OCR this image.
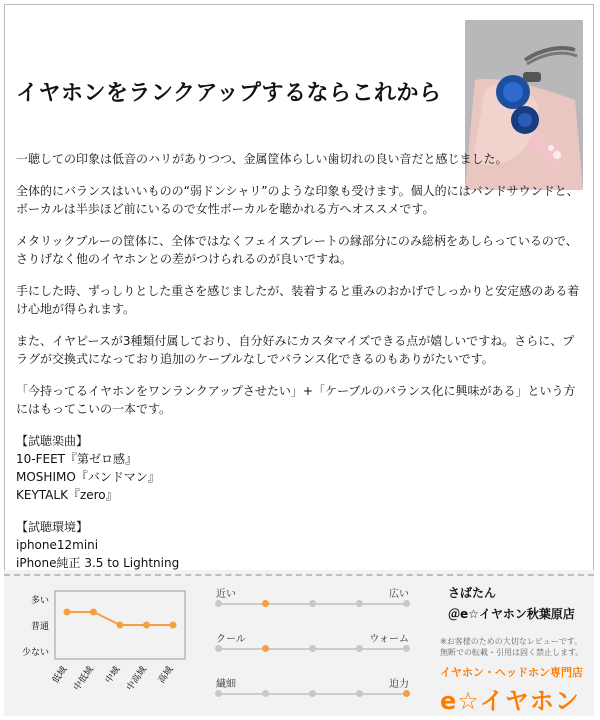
イヤホンをランクアップするならこれから

一聴しての印象は低音のハリがありつつ、金属筐体らしい歯切れの良い音だと感じました。

全体的にバランスはいいものの“弱ドンシャリ”のような印象も受けます。個人的にはバンドサウンドと、ボーカルは半歩ほど前にいるので女性ボーカルを聴かれる方へオススメです。

メタリックブルーの筐体に、全体ではなくフェイスプレートの縁部分にのみ総柄をあしらっているので、さりげなく他のイヤホンとの差がつけられるのが良いですね。

手にした時、ずっしりとした重さを感じましたが、装着すると重みのおかげでしっかりと安定感のある着け心地が得られます。

また、イヤピースが3種類付属しており、自分好みにカスタマイズできる点が嬉しいですね。さらに、プラグが交換式になっており追加のケーブルなしでバランス化できるのもありがたいです。

「今持ってるイヤホンをワンランクアップさせたい」+「ケーブルのバランス化に興味がある」という方にはもってこいの一本です。

【試聴楽曲】
10-FEET『第ゼロ感』
MOSHIMO『バンドマン』
KEYTALK『zero』
【試聴環境】
iphone12mini
iPhone純正 3.5 to Lightning
少ない
普通
多い
低域 中低域 中域 中高域 高域
近い	広い
クール	ウォーム
繊細	迫力
さばたん
＠e☆イヤホン秋葉原店
※お客様のための大切なレビューです。無断での転載・引用は固く禁止します。
イヤホン・ヘッドホン専門店
e☆イヤホン
